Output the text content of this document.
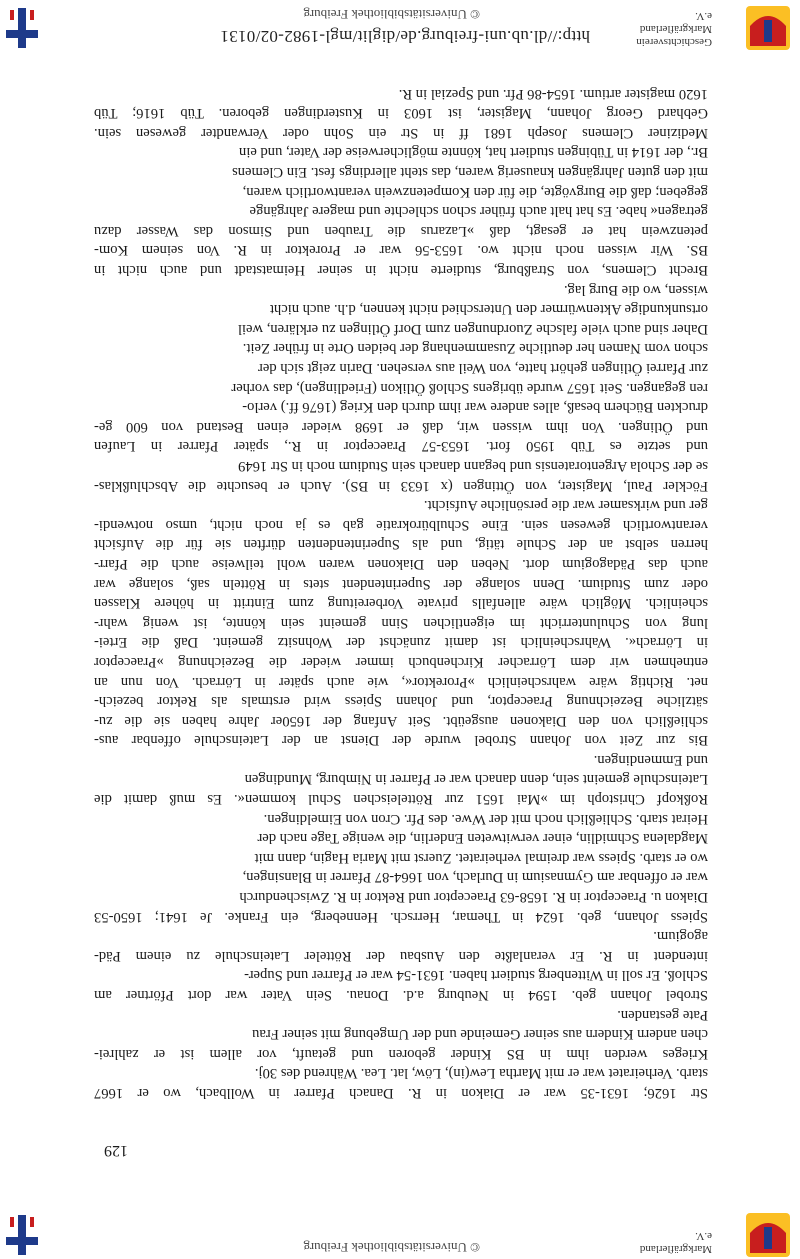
© Universitätsbibliothek Freiburg	Markgräflerland e.V.
http://dl.ub.uni-freiburg.de/diglit/mgl-1982-02/0131
© Universitätsbibliothek Freiburg
Geschichtsverein Markgräflerland e.V.
Str 1626; 1631-35 war er Diakon in R. Danach Pfarrer in Wollbach, wo er 1667
starb. Verheiratet war er mit Martha Lew(in), Löw, lat. Lea. Während des 30j.
Krieges werden ihm in BS Kinder geboren und getauft, vor allem ist er zahlrei-
chen andern Kindern aus seiner Gemeinde und der Umgebung mit seiner Frau
Pate gestanden.
Strobel Johann geb. 1594 in Neuburg a.d. Donau. Sein Vater war dort Pförtner am
Schloß. Er soll in Wittenberg studiert haben. 1631-54 war er Pfarrer und Super-
intendent in R. Er veranlaßte den Ausbau der Rötteler Lateinschule zu einem Päd-
agogium.
Spiess Johann, geb. 1624 in Themar, Herrsch. Henneberg, ein Franke. Je 1641; 1650-53
Diakon u. Praeceptor in R. 1658-63 Praeceptor und Rektor in R. Zwischendurch
war er offenbar am Gymnasium in Durlach, von 1664-87 Pfarrer in Blansingen,
wo er starb. Spiess war dreimal verheiratet. Zuerst mit Maria Hagin, dann mit
Magdalena Schmidlin, einer verwitweten Enderlin, die wenige Tage nach der
Heirat starb. Schließlich noch mit der Wwe. des Pfr. Cron von Eimeldingen.
Roßkopf Christoph im »Mai 1651 zur Rötteleischen Schul kommen«. Es muß damit die
Lateinschule gemeint sein, denn danach war er Pfarrer in Nimburg, Mundingen
und Emmendingen.
Bis zur Zeit von Johann Strobel wurde der Dienst an der Lateinschule offenbar aus-
schließlich von den Diakonen ausgeübt. Seit Anfang der 1650er Jahre haben sie die zu-
sätzliche Bezeichnung Praeceptor, und Johann Spiess wird erstmals als Rektor bezeich-
net. Richtig wäre wahrscheinlich »Prorektor«, wie auch später in Lörrach. Von nun an
entnehmen wir dem Lörracher Kirchenbuch immer wieder die Bezeichnung »Praeceptor
in Lörrach«. Wahrscheinlich ist damit zunächst der Wohnsitz gemeint. Daß die Ertei-
lung von Schulunterricht im eigentlichen Sinn gemeint sein könnte, ist wenig wahr-
scheinlich. Möglich wäre allenfalls private Vorbereitung zum Eintritt in höhere Klassen
oder zum Studium. Denn solange der Superintendent stets in Rötteln saß, solange war
auch das Pädagogium dort. Neben den Diakonen waren wohl teilweise auch die Pfarr-
herren selbst an der Schule tätig, und als Superintendenten dürften sie für die Aufsicht
verantwortlich gewesen sein. Eine Schulbürokratie gab es ja noch nicht, umso notwendi-
ger und wirksamer war die persönliche Aufsicht.
Föckler Paul, Magister, von Öttingen (x 1633 in BS). Auch er besuchte die Abschlußklas-
se der Schola Argentoratensis und begann danach sein Studium noch in Str 1649
und setzte es Tüb 1950 fort. 1653-57 Praeceptor in R., später Pfarrer in Laufen
und Ötlingen. Von ihm wissen wir, daß er 1698 wieder einen Bestand von 600 ge-
druckten Büchern besaß, alles andere war ihm durch den Krieg (1676 ff.) verlo-
ren gegangen. Seit 1657 wurde übrigens Schloß Ötlikon (Friedlingen), das vorher
zur Pfarrei Ötlingen gehört hatte, von Weil aus versehen. Darin zeigt sich der
schon vom Namen her deutliche Zusammenhang der beiden Orte in früher Zeit.
Daher sind auch viele falsche Zuordnungen zum Dorf Ötlingen zu erklären, weil
ortsunkundige Aktenwürmer den Unterschied nicht kennen, d.h. auch nicht
wissen, wo die Burg lag.
Brecht Clemens, von Straßburg, studierte nicht in seiner Heimatstadt und auch nicht in
BS. Wir wissen noch nicht wo. 1653-56 war er Prorektor in R. Von seinem Kom-
petenzwein hat er gesagt, daß »Lazarus die Trauben und Simson das Wasser dazu
getragen« habe. Es hat halt auch früher schon schlechte und magere Jahrgänge
gegeben; daß die Burgvögte, die für den Kompetenzwein verantwortlich waren,
mit den guten Jahrgängen knauserig waren, das steht allerdings fest. Ein Clemens
Br., der 1614 in Tübingen studiert hat, könnte möglicherweise der Vater, und ein
Mediziner Clemens Joseph 1681 ff in Str ein Sohn oder Verwandter gewesen sein.
Gebhard Georg Johann, Magister, ist 1603 in Kusterdingen geboren. Tüb 1616; Tüb
1620 magister artium. 1654-86 Pfr. und Spezial in R.
129
